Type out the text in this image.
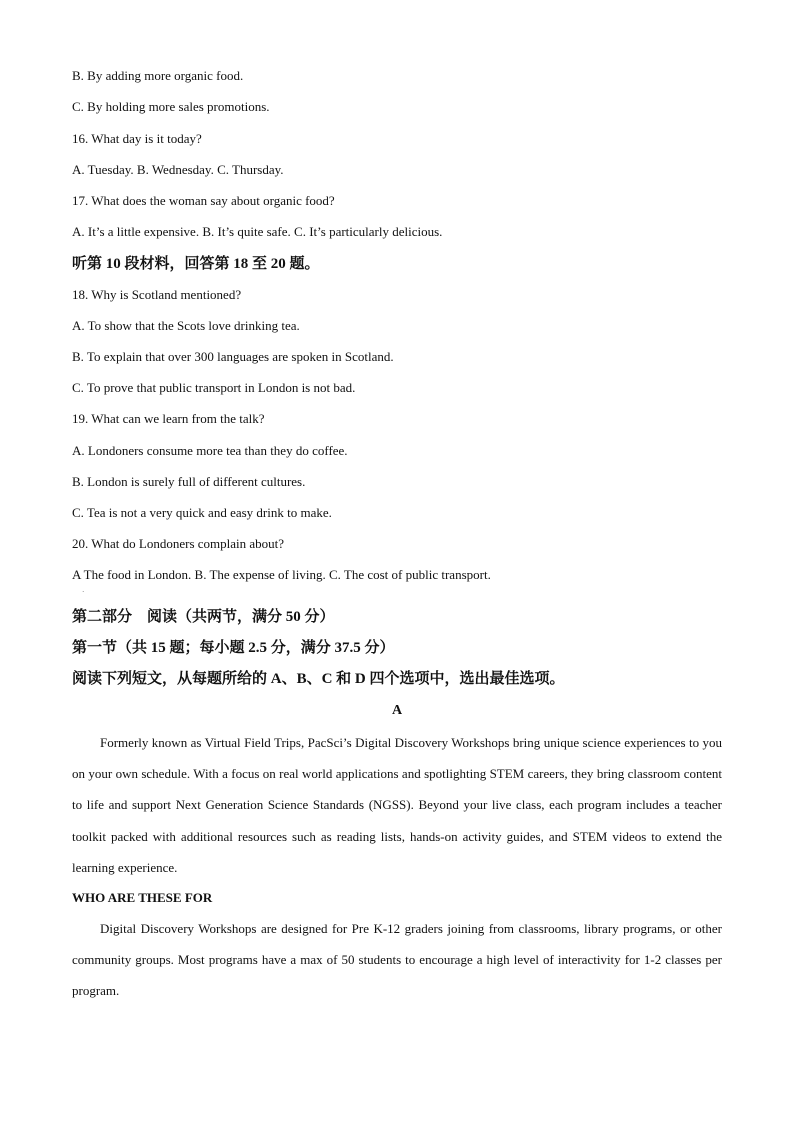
B. By adding more organic food.
C. By holding more sales promotions.
16. What day is it today?
A. Tuesday. B. Wednesday. C. Thursday.
17. What does the woman say about organic food?
A. It’s a little expensive. B. It’s quite safe. C. It’s particularly delicious.
听第 10 段材料，回答第 18 至 20 题。
18. Why is Scotland mentioned?
A. To show that the Scots love drinking tea.
B. To explain that over 300 languages are spoken in Scotland.
C. To prove that public transport in London is not bad.
19. What can we learn from the talk?
A. Londoners consume more tea than they do coffee.
B. London is surely full of different cultures.
C. Tea is not a very quick and easy drink to make.
20. What do Londoners complain about?
A The food in London. B. The expense of living. C. The cost of public transport.
·
第二部分　阅读（共两节，满分 50 分）
第一节（共 15 题；每小题 2.5 分，满分 37.5 分）
阅读下列短文，从每题所给的 A、B、C 和 D 四个选项中，选出最佳选项。
A
Formerly known as Virtual Field Trips, PacSci’s Digital Discovery Workshops bring unique science experiences to you on your own schedule. With a focus on real world applications and spotlighting STEM careers, they bring classroom content to life and support Next Generation Science Standards (NGSS). Beyond your live class, each program includes a teacher toolkit packed with additional resources such as reading lists, hands-on activity guides, and STEM videos to extend the learning experience.
WHO ARE THESE FOR
Digital Discovery Workshops are designed for Pre K-12 graders joining from classrooms, library programs, or other community groups. Most programs have a max of 50 students to encourage a high level of interactivity for 1-2 classes per program.
